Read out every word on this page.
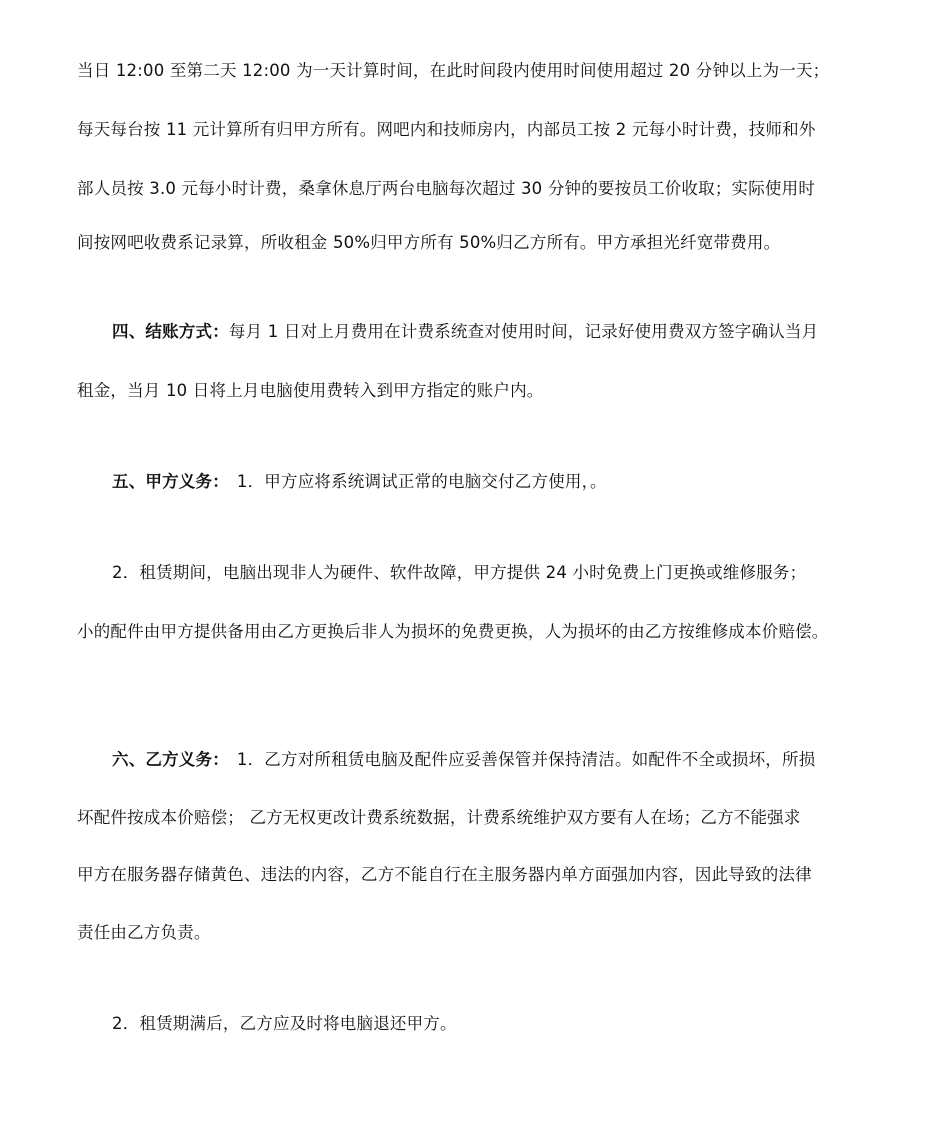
当日 12:00 至第二天 12:00 为一天计算时间，在此时间段内使用时间使用超过 20 分钟以上为一天；
每天每台按 11 元计算所有归甲方所有。网吧内和技师房内，内部员工按 2 元每小时计费，技师和外
部人员按 3.0 元每小时计费，桑拿休息厅两台电脑每次超过 30 分钟的要按员工价收取；实际使用时
间按网吧收费系记录算，所收租金 50%归甲方所有 50%归乙方所有。甲方承担光纤宽带费用。
四、结账方式：每月 1 日对上月费用在计费系统查对使用时间，记录好使用费双方签字确认当月
租金，当月 10 日将上月电脑使用费转入到甲方指定的账户内。
五、甲方义务： 1．甲方应将系统调试正常的电脑交付乙方使用，。
2．租赁期间，电脑出现非人为硬件、软件故障，甲方提供 24 小时免费上门更换或维修服务；
小的配件由甲方提供备用由乙方更换后非人为损坏的免费更换，人为损坏的由乙方按维修成本价赔偿。
六、乙方义务： 1．乙方对所租赁电脑及配件应妥善保管并保持清洁。如配件不全或损坏，所损
坏配件按成本价赔偿； 乙方无权更改计费系统数据，计费系统维护双方要有人在场；乙方不能强求
甲方在服务器存储黄色、违法的内容，乙方不能自行在主服务器内单方面强加内容，因此导致的法律
责任由乙方负责。
2．租赁期满后，乙方应及时将电脑退还甲方。
